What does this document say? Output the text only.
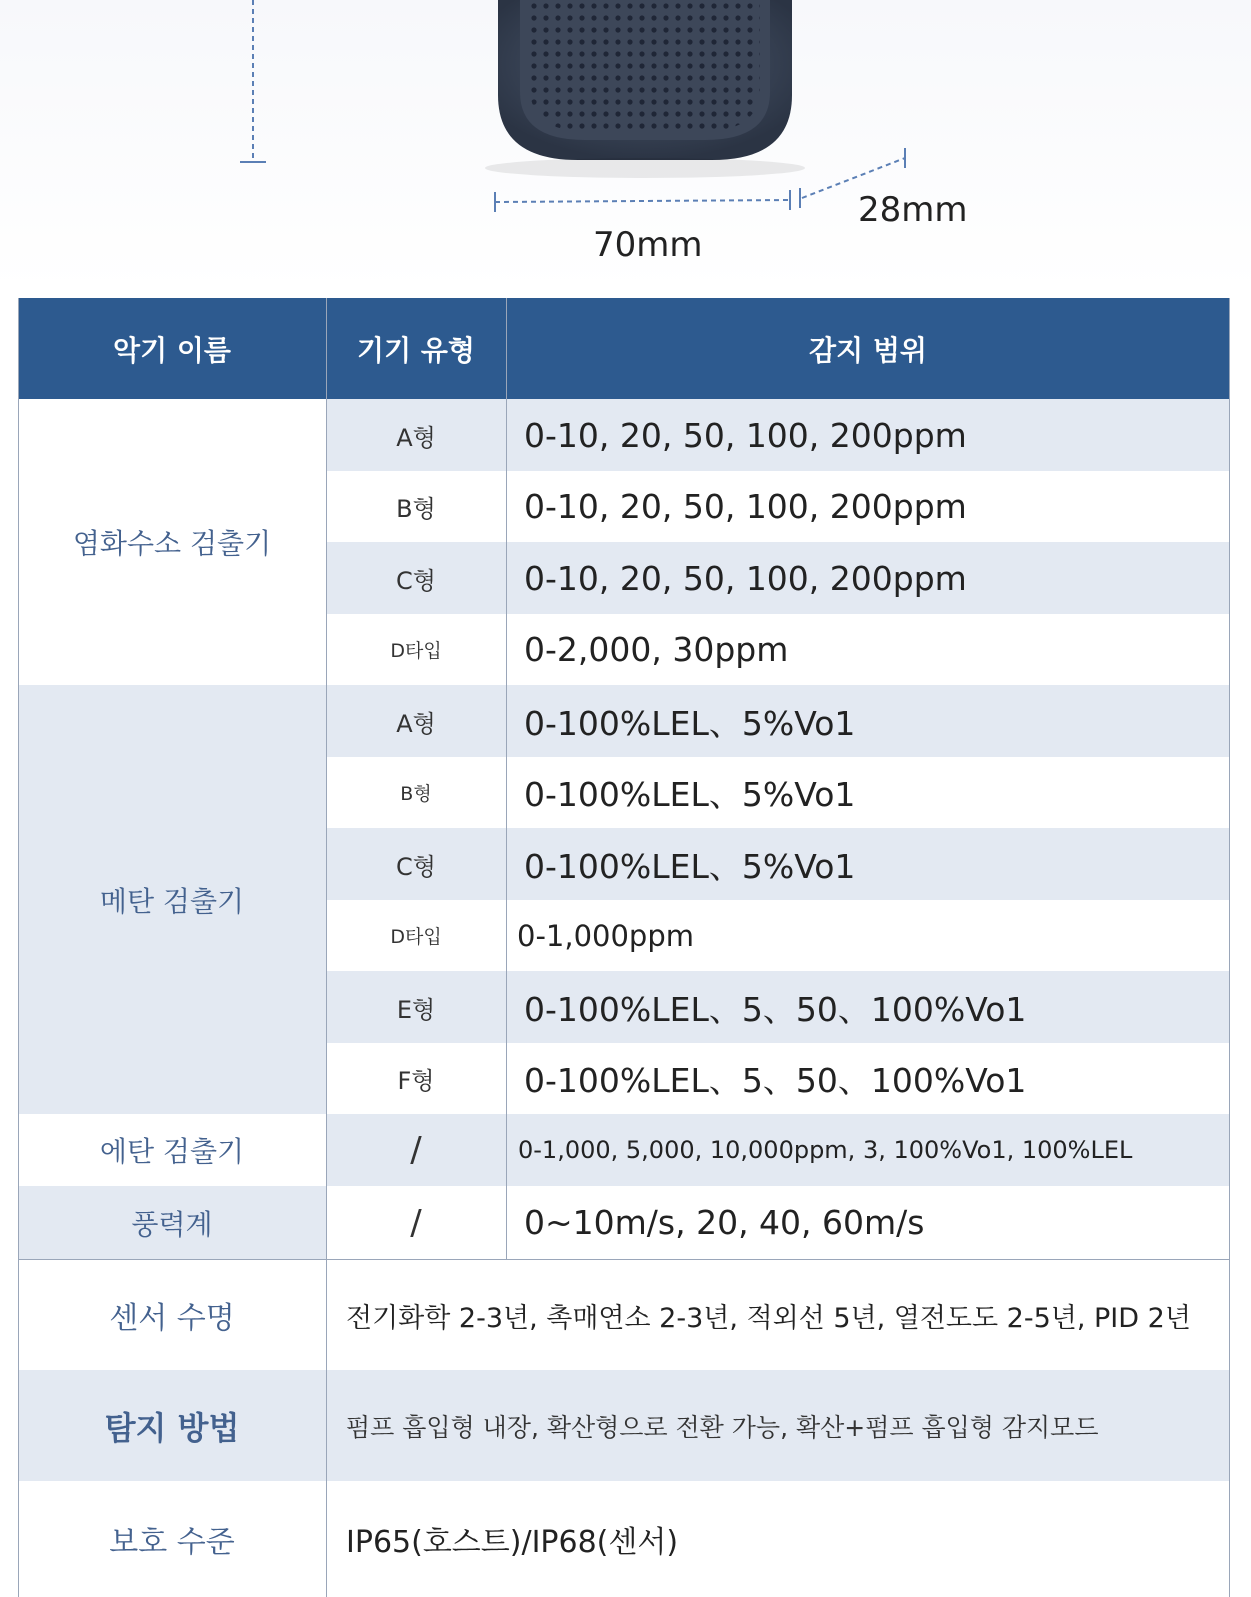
28mm
70mm
악기 이름	기기 유형	감지 범위
염화수소 검출기
A형	0-10, 20, 50, 100, 200ppm
B형	0-10, 20, 50, 100, 200ppm
C형	0-10, 20, 50, 100, 200ppm
D타입	0-2,000, 30ppm
메탄 검출기
A형	0-100%LEL、5%Vo1
B형	0-100%LEL、5%Vo1
C형	0-100%LEL、5%Vo1
D타입	0-1,000ppm
E형	0-100%LEL、5、50、100%Vo1
F형	0-100%LEL、5、50、100%Vo1
에탄 검출기	/	0-1,000, 5,000, 10,000ppm, 3, 100%Vo1, 100%LEL
풍력계	/	0~10m/s, 20, 40, 60m/s
센서 수명	전기화학 2-3년, 촉매연소 2-3년, 적외선 5년, 열전도도 2-5년, PID 2년
탐지 방법	펌프 흡입형 내장, 확산형으로 전환 가능, 확산+펌프 흡입형 감지모드
보호 수준	IP65(호스트)/IP68(센서)
